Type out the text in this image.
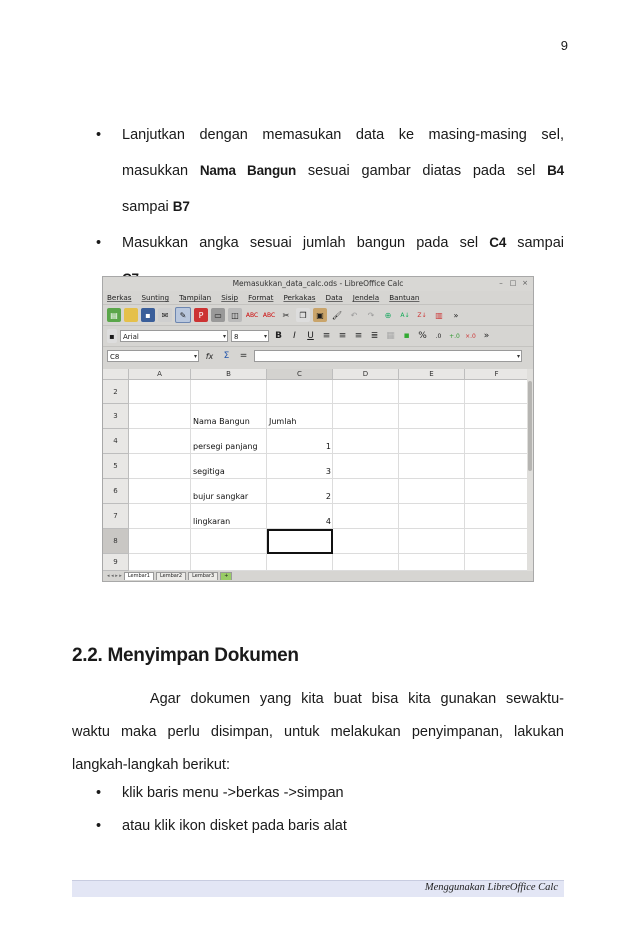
9
• Lanjutkan dengan memasukan data ke masing-masing sel,
masukkan Nama Bangun sesuai gambar diatas pada sel B4
sampai B7
• Masukkan angka sesuai jumlah bangun pada sel C4 sampai
Memasukkan_data_calc.ods - LibreOffice Calc	– □ ×
Berkas Sunting Tampilan Sisip Format Perkakas Data Jendela Bantuan
▤	▪	✉	✎	P	▭	◫	ABC ABC ✂	❐	▣	🖌	↶	↷	⊕	A↓	Z↓	▥	»
▪	Arial	▾	8	▾ B	I	U ≡ ≡ ≡ ≣ ▦ ▪ %	.0	+.0 ×.0 »
C8	▾	fx	Σ	=	▾
A	B	C	D	E	F
2
3
4
5
6
7
8
9
Nama Bangun	Jumlah
persegi panjang	1
segitiga	3
bujur sangkar	2
lingkaran	4
◂ ◂ ▸ ▸	Lembar1	Lembar2	Lembar3	+
2.2. Menyimpan Dokumen
Agar dokumen yang kita buat bisa kita gunakan sewaktu-
waktu maka perlu disimpan, untuk melakukan penyimpanan, lakukan
langkah-langkah berikut:
• klik baris menu ->berkas ->simpan
• atau klik ikon disket pada baris alat
Menggunakan LibreOffice Calc
